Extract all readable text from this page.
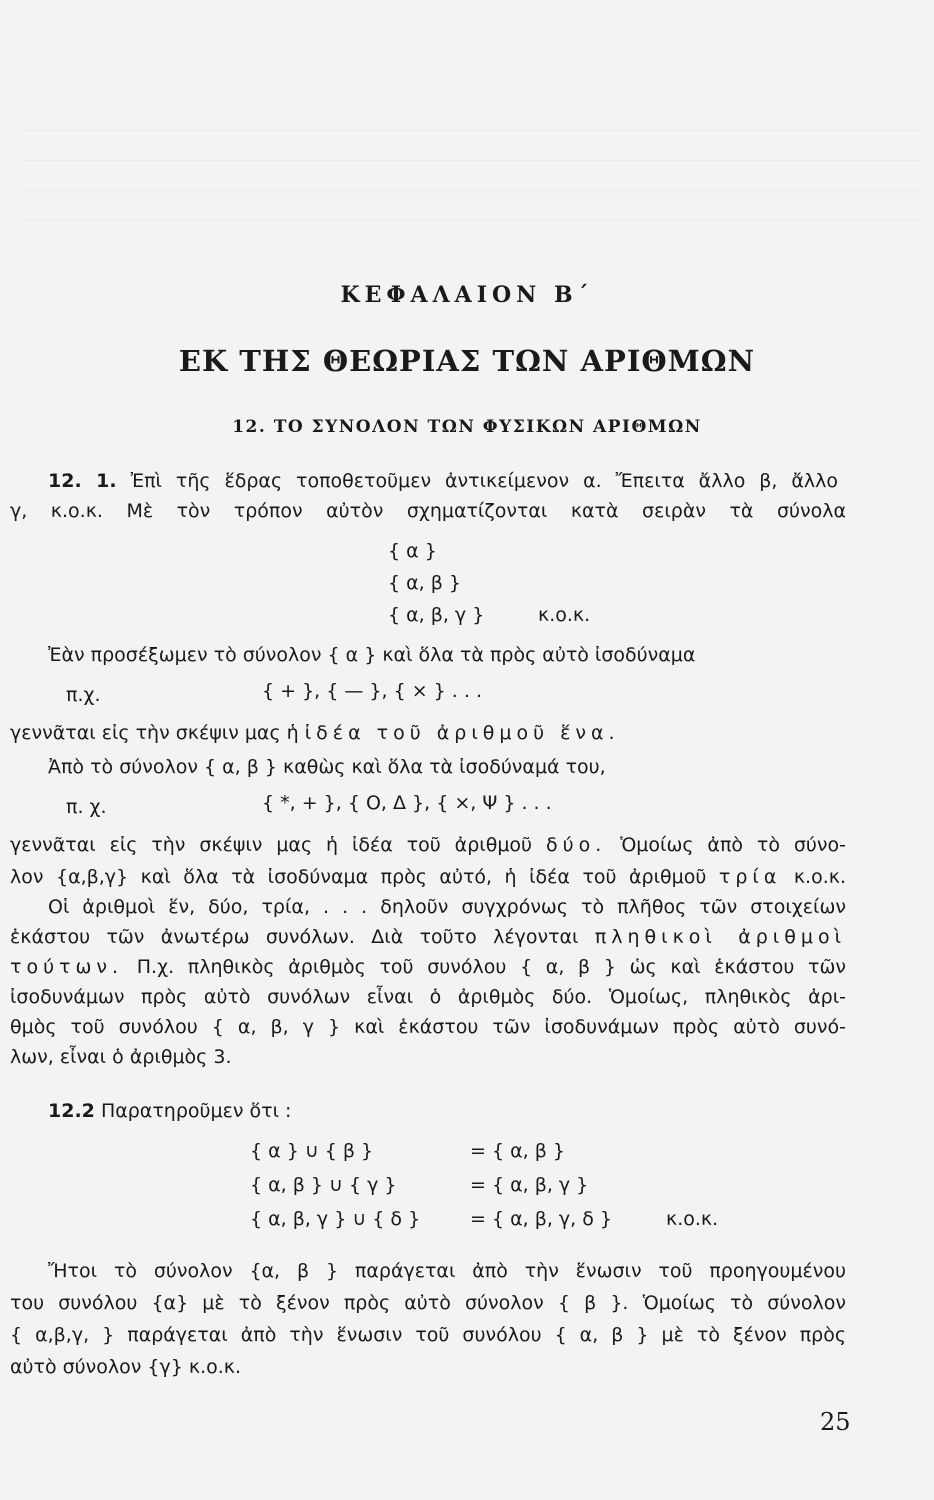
ΚΕΦΑΛΑΙΟΝ Β΄
ΕΚ ΤΗΣ ΘΕΩΡΙΑΣ ΤΩΝ ΑΡΙΘΜΩΝ
12. ΤΟ ΣΥΝΟΛΟΝ ΤΩΝ ΦΥΣΙΚΩΝ ΑΡΙΘΜΩΝ
12. 1. Ἐπὶ τῆς ἕδρας τοποθετοῦμεν ἀντικείμενον α. Ἔπειτα ἄλλο β, ἄλλο
γ, κ.ο.κ. Μὲ τὸν τρόπον αὐτὸν σχηματίζονται κατὰ σειρὰν τὰ σύνολα
{ α }
{ α, β }
{ α, β, γ }	κ.ο.κ.
Ἐὰν προσέξωμεν τὸ σύνολον { α } καὶ ὅλα τὰ πρὸς αὐτὸ ἰσοδύναμα
π.χ.	{ + }, { — }, { × } . . .
γεννᾶται εἰς τὴν σκέψιν μας ἡ ἰδέα τοῦ ἀριθμοῦ ἕνα.
Ἀπὸ τὸ σύνολον { α, β } καθὼς καὶ ὅλα τὰ ἰσοδύναμά του,
π. χ.	{ *, + }, { Ο, Δ }, { ×, Ψ } . . .
γεννᾶται εἰς τὴν σκέψιν μας ἡ ἰδέα τοῦ ἀριθμοῦ δύο. Ὁμοίως ἀπὸ τὸ σύνο-
λον {α,β,γ} καὶ ὅλα τὰ ἰσοδύναμα πρὸς αὐτό, ἡ ἰδέα τοῦ ἀριθμοῦ τρία κ.ο.κ.
Οἱ ἀριθμοὶ ἕν, δύο, τρία, . . . δηλοῦν συγχρόνως τὸ πλῆθος τῶν στοιχείων
ἑκάστου τῶν ἀνωτέρω συνόλων. Διὰ τοῦτο λέγονται πληθικοὶ ἀριθμοὶ
τούτων. Π.χ. πληθικὸς ἀριθμὸς τοῦ συνόλου { α, β } ὡς καὶ ἑκάστου τῶν
ἰσοδυνάμων πρὸς αὐτὸ συνόλων εἶναι ὁ ἀριθμὸς δύο. Ὁμοίως, πληθικὸς ἀρι-
θμὸς τοῦ συνόλου { α, β, γ } καὶ ἑκάστου τῶν ἰσοδυνάμων πρὸς αὐτὸ συνό-
λων, εἶναι ὁ ἀριθμὸς 3.
12.2 Παρατηροῦμεν ὅτι :
{ α } ∪ { β }	= { α, β }
{ α, β } ∪ { γ }	= { α, β, γ }
{ α, β, γ } ∪ { δ }	= { α, β, γ, δ }	κ.ο.κ.
Ἤτοι τὸ σύνολον {α, β } παράγεται ἀπὸ τὴν ἕνωσιν τοῦ προηγουμένου
του συνόλου {α} μὲ τὸ ξένον πρὸς αὐτὸ σύνολον { β }. Ὁμοίως τὸ σύνολον
{ α,β,γ, } παράγεται ἀπὸ τὴν ἕνωσιν τοῦ συνόλου { α, β } μὲ τὸ ξένον πρὸς
αὐτὸ σύνολον {γ} κ.ο.κ.
25
